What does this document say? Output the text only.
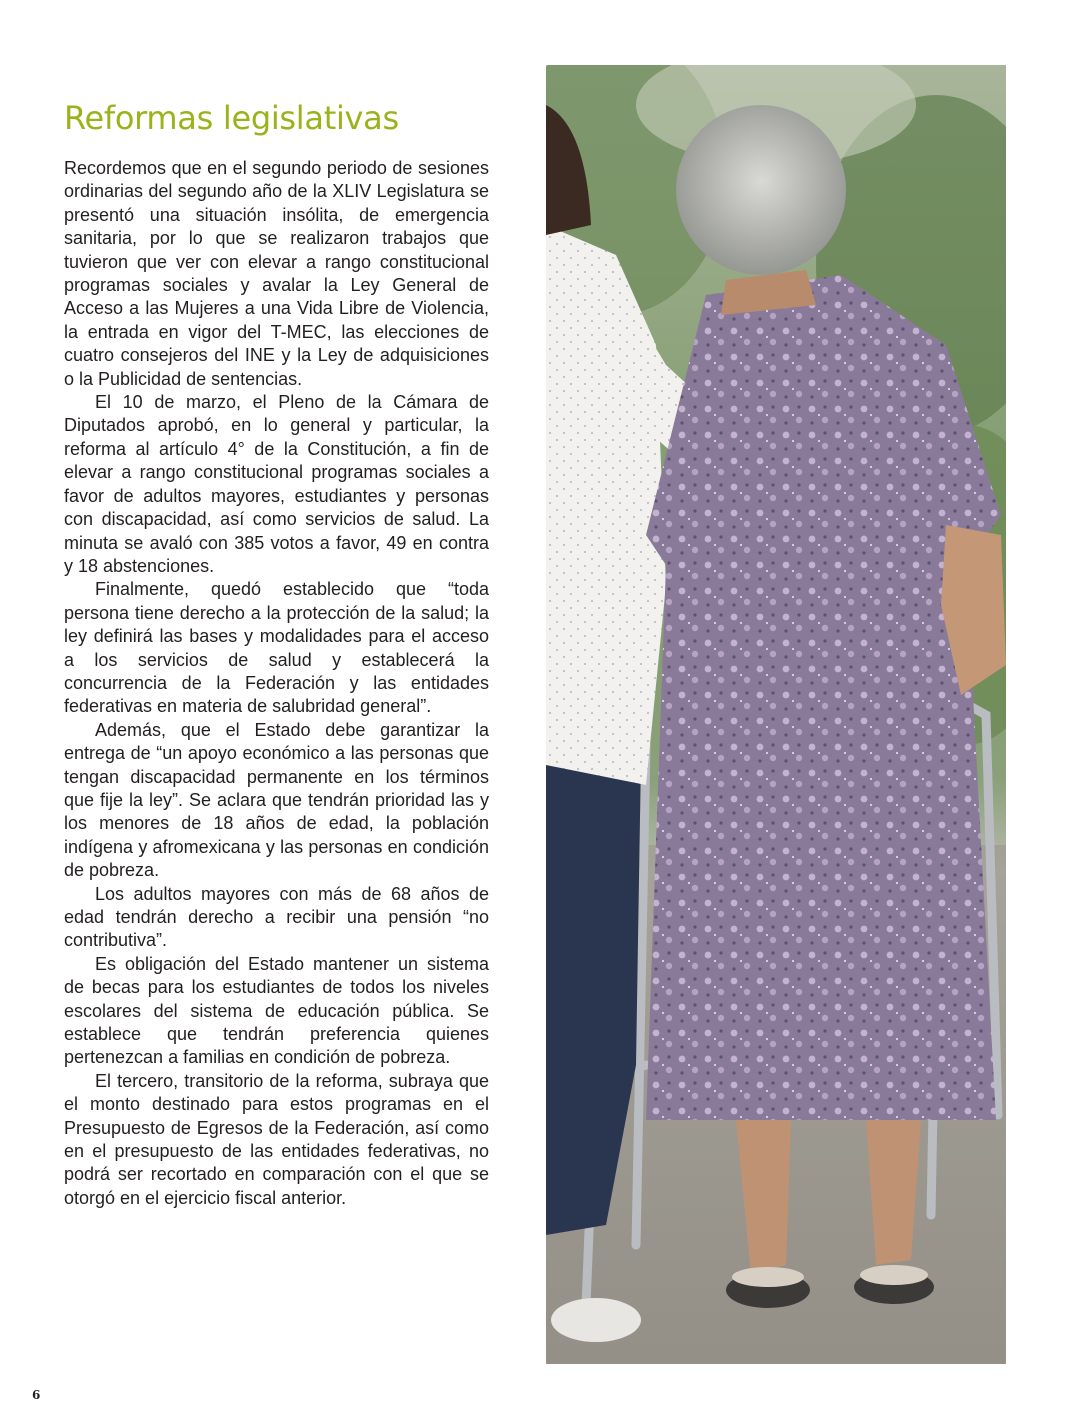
Reformas legislativas

Recordemos que en el segundo periodo de sesiones ordinarias del segundo año de la XLIV Legislatura se presentó una situación insólita, de emergencia sanitaria, por lo que se realizaron trabajos que tuvieron que ver con elevar a rango constitucional programas sociales y avalar la Ley General de Acceso a las Mujeres a una Vida Libre de Violencia, la entrada en vigor del T-MEC, las elecciones de cuatro consejeros del INE y la Ley de adquisiciones o la Publicidad de sentencias.

El 10 de marzo, el Pleno de la Cámara de Diputados aprobó, en lo general y particular, la reforma al artículo 4° de la Constitución, a fin de elevar a rango constitucional programas sociales a favor de adultos mayores, estudiantes y personas con discapacidad, así como servicios de salud. La minuta se avaló con 385 votos a favor, 49 en contra y 18 abstenciones.

Finalmente, quedó establecido que “toda persona tiene derecho a la protección de la salud; la ley definirá las bases y modalidades para el acceso a los servicios de salud y establecerá la concurrencia de la Federación y las entidades federativas en materia de salubridad general”.

Además, que el Estado debe garantizar la entrega de “un apoyo económico a las personas que tengan discapacidad permanente en los términos que fije la ley”. Se aclara que tendrán prioridad las y los menores de 18 años de edad, la población indígena y afromexicana y las personas en condición de pobreza.

Los adultos mayores con más de 68 años de edad tendrán derecho a recibir una pensión “no contributiva”.

Es obligación del Estado mantener un sistema de becas para los estudiantes de todos los niveles escolares del sistema de educación pública. Se establece que tendrán preferencia quienes pertenezcan a familias en condición de pobreza.

El tercero, transitorio de la reforma, subraya que el monto destinado para estos programas en el Presupuesto de Egresos de la Federación, así como en el presupuesto de las entidades federativas, no podrá ser recortado en comparación con el que se otorgó en el ejercicio fiscal anterior.

6
